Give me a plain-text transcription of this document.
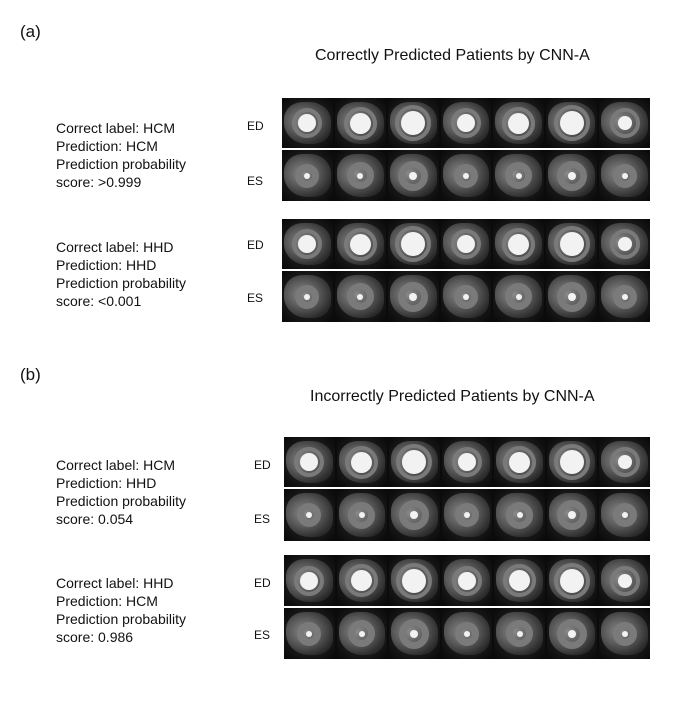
(a)
Correctly Predicted Patients by CNN-A
Correct label: HCM
Prediction: HCM
Prediction probability
score: >0.999
ED
ES
Correct label: HHD
Prediction: HHD
Prediction probability
score: <0.001
ED
ES
(b)
Incorrectly Predicted Patients by CNN-A
Correct label: HCM
Prediction: HHD
Prediction probability
score: 0.054
ED
ES
Correct label: HHD
Prediction: HCM
Prediction probability
score: 0.986
ED
ES
